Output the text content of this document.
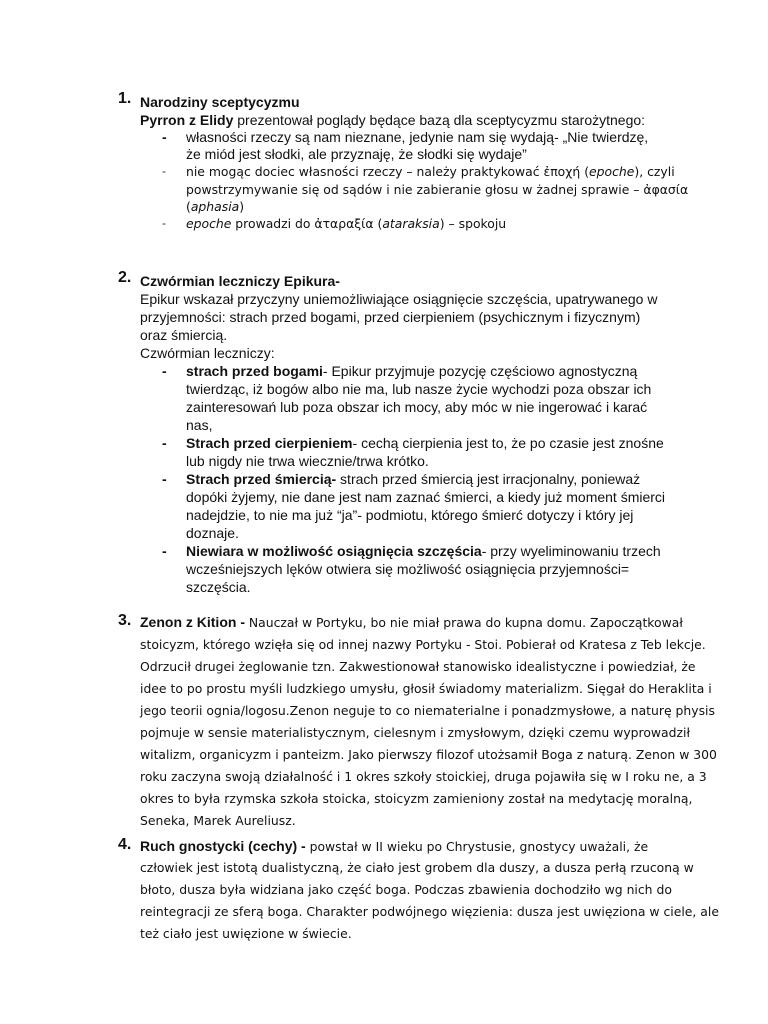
1. Narodziny sceptycyzmu
Pyrron z Elidy prezentował poglądy będące bazą dla sceptycyzmu starożytnego:
- własności rzeczy są nam nieznane, jedynie nam się wydają- „Nie twierdzę,
że miód jest słodki, ale przyznaję, że słodki się wydaje”
- nie mogąc dociec własności rzeczy – należy praktykować ἐποχή (epoche), czyli
powstrzymywanie się od sądów i nie zabieranie głosu w żadnej sprawie – ἀφασία
(aphasia)
- epoche prowadzi do ἀταραξία (ataraksia) – spokoju
2. Czwórmian leczniczy Epikura-
Epikur wskazał przyczyny uniemożliwiające osiągnięcie szczęścia, upatrywanego w
przyjemności: strach przed bogami, przed cierpieniem (psychicznym i fizycznym)
oraz śmiercią.
Czwórmian leczniczy:
- strach przed bogami- Epikur przyjmuje pozycję częściowo agnostyczną
twierdząc, iż bogów albo nie ma, lub nasze życie wychodzi poza obszar ich
zainteresowań lub poza obszar ich mocy, aby móc w nie ingerować i karać
nas,
- Strach przed cierpieniem- cechą cierpienia jest to, że po czasie jest znośne
lub nigdy nie trwa wiecznie/trwa krótko.
- Strach przed śmiercią- strach przed śmiercią jest irracjonalny, ponieważ
dopóki żyjemy, nie dane jest nam zaznać śmierci, a kiedy już moment śmierci
nadejdzie, to nie ma już “ja”- podmiotu, którego śmierć dotyczy i który jej
doznaje.
- Niewiara w możliwość osiągnięcia szczęścia- przy wyeliminowaniu trzech
wcześniejszych lęków otwiera się możliwość osiągnięcia przyjemności=
szczęścia.
3. Zenon z Kition - Nauczał w Portyku, bo nie miał prawa do kupna domu. Zapoczątkował
stoicyzm, którego wzięła się od innej nazwy Portyku - Stoi. Pobierał od Kratesa z Teb lekcje.
Odrzucił drugei żeglowanie tzn. Zakwestionował stanowisko idealistyczne i powiedział, że
idee to po prostu myśli ludzkiego umysłu, głosił świadomy materializm. Sięgał do Heraklita i
jego teorii ognia/logosu.Zenon neguje to co niematerialne i ponadzmysłowe, a naturę physis
pojmuje w sensie materialistycznym, cielesnym i zmysłowym, dzięki czemu wyprowadził
witalizm, organicyzm i panteizm. Jako pierwszy filozof utożsamił Boga z naturą. Zenon w 300
roku zaczyna swoją działalność i 1 okres szkoły stoickiej, druga pojawiła się w I roku ne, a 3
okres to była rzymska szkoła stoicka, stoicyzm zamieniony został na medytację moralną,
Seneka, Marek Aureliusz.
4. Ruch gnostycki (cechy) - powstał w II wieku po Chrystusie, gnostycy uważali, że
człowiek jest istotą dualistyczną, że ciało jest grobem dla duszy, a dusza perłą rzuconą w
błoto, dusza była widziana jako część boga. Podczas zbawienia dochodziło wg nich do
reintegracji ze sferą boga. Charakter podwójnego więzienia: dusza jest uwięziona w ciele, ale
też ciało jest uwięzione w świecie.
